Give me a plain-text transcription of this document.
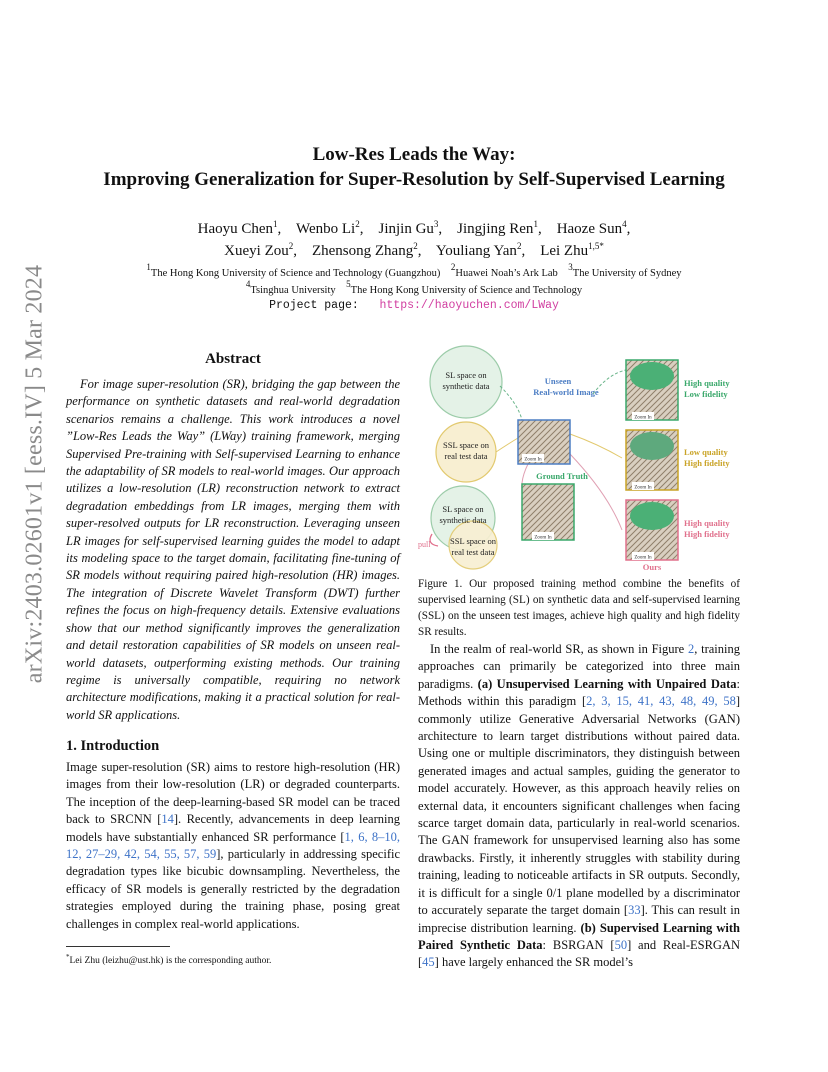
arXiv:2403.02601v1 [eess.IV] 5 Mar 2024
Low-Res Leads the Way:
Improving Generalization for Super-Resolution by Self-Supervised Learning
Haoyu Chen$^1$,    Wenbo Li$^2$,    Jinjin Gu$^3$,    Jingjing Ren$^1$,    Haoze Sun$^4$,
Xueyi Zou$^2$,    Zhensong Zhang$^2$,    Youliang Yan$^2$,    Lei Zhu$^{1,5*}$
$^1$The Hong Kong University of Science and Technology (Guangzhou)    $^2$Huawei Noah’s Ark Lab    $^3$The University of Sydney
$^4$Tsinghua University    $^5$The Hong Kong University of Science and Technology
Project page: https://haoyuchen.com/LWay
Abstract
For image super-resolution (SR), bridging the gap between the performance on synthetic datasets and real-world degradation scenarios remains a challenge. This work introduces a novel ”Low-Res Leads the Way” (LWay) training framework, merging Supervised Pre-training with Self-supervised Learning to enhance the adaptability of SR models to real-world images. Our approach utilizes a low-resolution (LR) reconstruction network to extract degradation embeddings from LR images, merging them with super-resolved outputs for LR reconstruction. Leveraging unseen LR images for self-supervised learning guides the model to adapt its modeling space to the target domain, facilitating fine-tuning of SR models without requiring paired high-resolution (HR) images. The integration of Discrete Wavelet Transform (DWT) further refines the focus on high-frequency details. Extensive evaluations show that our method significantly improves the generalization and detail restoration capabilities of SR models on unseen real-world datasets, outperforming existing methods. Our training regime is universally compatible, requiring no network architecture modifications, making it a practical solution for real-world SR applications.
1. Introduction
Image super-resolution (SR) aims to restore high-resolution (HR) images from their low-resolution (LR) or degraded counterparts. The inception of the deep-learning-based SR model can be traced back to SRCNN [14]. Recently, advancements in deep learning models have substantially enhanced SR performance [1, 6, 8–10, 12, 27–29, 42, 54, 55, 57, 59], particularly in addressing specific degradation types like bicubic downsampling. Nevertheless, the efficacy of SR models is generally restricted by the degradation strategies employed during the training phase, posing great challenges in complex real-world applications.
*Lei Zhu (leizhu@ust.hk) is the corresponding author.
SL space on
synthetic data
SSL space on
real test data
SL space on
synthetic data
SSL space on
real test data
pull
Unseen
Real-world Image
Zoom In
Ground Truth
Zoom In
Zoom In
Zoom In
Zoom In
Ours
High quality
Low fidelity
Low quality
High fidelity
High quality
High fidelity
Figure 1. Our proposed training method combine the benefits of supervised learning (SL) on synthetic data and self-supervised learning (SSL) on the unseen test images, achieve high quality and high fidelity SR results.
In the realm of real-world SR, as shown in Figure 2, training approaches can primarily be categorized into three main paradigms. (a) Unsupervised Learning with Unpaired Data: Methods within this paradigm [2, 3, 15, 41, 43, 48, 49, 58] commonly utilize Generative Adversarial Networks (GAN) architecture to learn target distributions without paired data. Using one or multiple discriminators, they distinguish between generated images and actual samples, guiding the generator to model accurately. However, as this approach heavily relies on external data, it encounters significant challenges when facing scarce target domain data, particularly in real-world scenarios. The GAN framework for unsupervised learning also has some drawbacks. Firstly, it inherently struggles with stability during training, leading to noticeable artifacts in SR outputs. Secondly, it is difficult for a single 0/1 plane modelled by a discriminator to accurately separate the target domain [33]. This can result in imprecise distribution learning. (b) Supervised Learning with Paired Synthetic Data: BSRGAN [50] and Real-ESRGAN [45] have largely enhanced the SR model’s
